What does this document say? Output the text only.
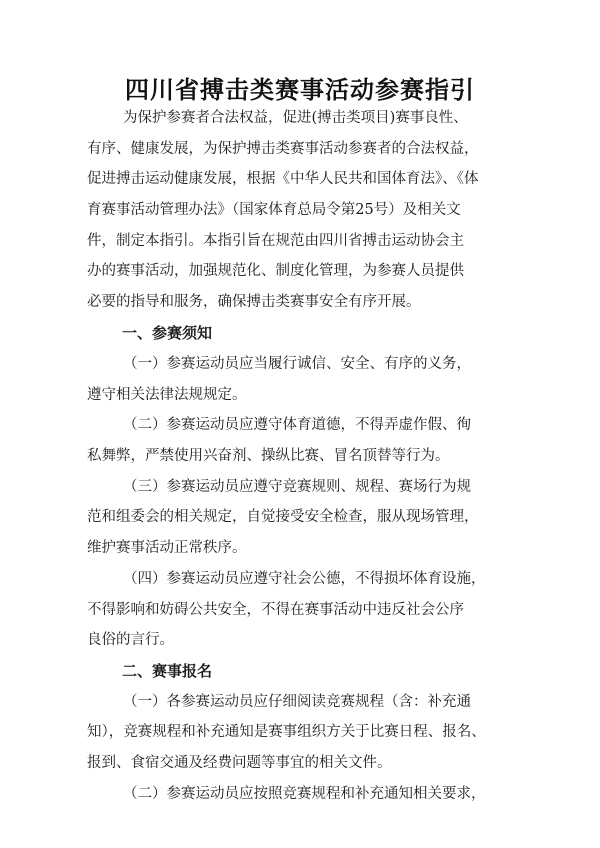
四川省搏击类赛事活动参赛指引
为保护参赛者合法权益，促进(搏击类项目)赛事良性、
有序、健康发展，为保护搏击类赛事活动参赛者的合法权益，
促进搏击运动健康发展，根据《中华人民共和国体育法》、《体
育赛事活动管理办法》（国家体育总局令第25号）及相关文
件，制定本指引。本指引旨在规范由四川省搏击运动协会主
办的赛事活动，加强规范化、制度化管理，为参赛人员提供
必要的指导和服务，确保搏击类赛事安全有序开展。
一、参赛须知
（一）参赛运动员应当履行诚信、安全、有序的义务，
遵守相关法律法规规定。
（二）参赛运动员应遵守体育道德，不得弄虚作假、徇
私舞弊，严禁使用兴奋剂、操纵比赛、冒名顶替等行为。
（三）参赛运动员应遵守竞赛规则、规程、赛场行为规
范和组委会的相关规定，自觉接受安全检查，服从现场管理，
维护赛事活动正常秩序。
（四）参赛运动员应遵守社会公德，不得损坏体育设施，
不得影响和妨碍公共安全，不得在赛事活动中违反社会公序
良俗的言行。
二、赛事报名
（一）各参赛运动员应仔细阅读竞赛规程（含：补充通
知），竞赛规程和补充通知是赛事组织方关于比赛日程、报名、
报到、食宿交通及经费问题等事宜的相关文件。
（二）参赛运动员应按照竞赛规程和补充通知相关要求，
